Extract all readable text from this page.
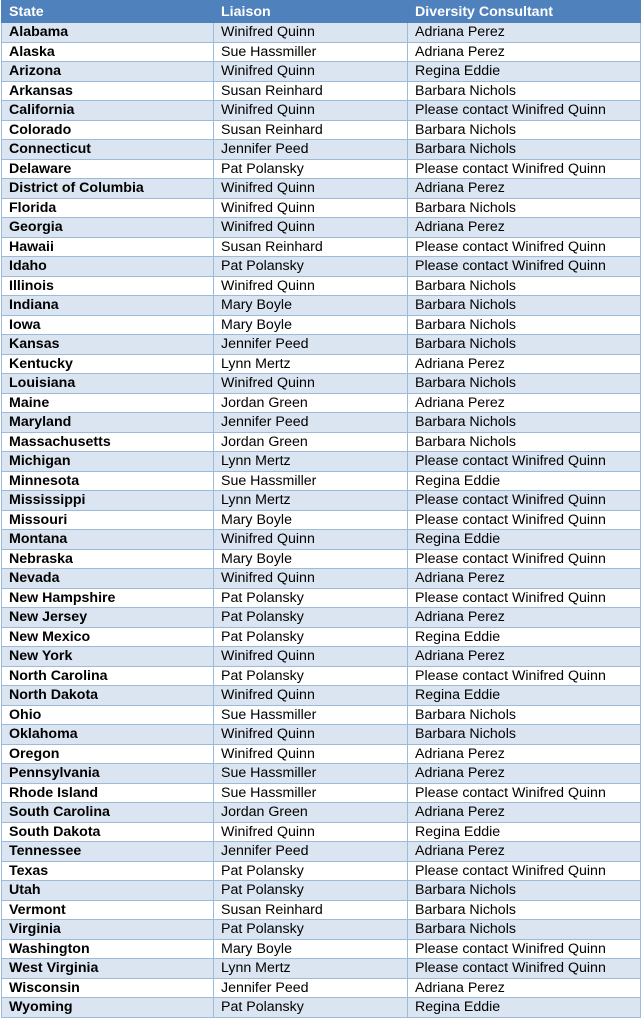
State	Liaison	Diversity Consultant
Alabama	Winifred Quinn	Adriana Perez
Alaska	Sue Hassmiller	Adriana Perez
Arizona	Winifred Quinn	Regina Eddie
Arkansas	Susan Reinhard	Barbara Nichols
California	Winifred Quinn	Please contact Winifred Quinn
Colorado	Susan Reinhard	Barbara Nichols
Connecticut	Jennifer Peed	Barbara Nichols
Delaware	Pat Polansky	Please contact Winifred Quinn
District of Columbia	Winifred Quinn	Adriana Perez
Florida	Winifred Quinn	Barbara Nichols
Georgia	Winifred Quinn	Adriana Perez
Hawaii	Susan Reinhard	Please contact Winifred Quinn
Idaho	Pat Polansky	Please contact Winifred Quinn
Illinois	Winifred Quinn	Barbara Nichols
Indiana	Mary Boyle	Barbara Nichols
Iowa	Mary Boyle	Barbara Nichols
Kansas	Jennifer Peed	Barbara Nichols
Kentucky	Lynn Mertz	Adriana Perez
Louisiana	Winifred Quinn	Barbara Nichols
Maine	Jordan Green	Adriana Perez
Maryland	Jennifer Peed	Barbara Nichols
Massachusetts	Jordan Green	Barbara Nichols
Michigan	Lynn Mertz	Please contact Winifred Quinn
Minnesota	Sue Hassmiller	Regina Eddie
Mississippi	Lynn Mertz	Please contact Winifred Quinn
Missouri	Mary Boyle	Please contact Winifred Quinn
Montana	Winifred Quinn	Regina Eddie
Nebraska	Mary Boyle	Please contact Winifred Quinn
Nevada	Winifred Quinn	Adriana Perez
New Hampshire	Pat Polansky	Please contact Winifred Quinn
New Jersey	Pat Polansky	Adriana Perez
New Mexico	Pat Polansky	Regina Eddie
New York	Winifred Quinn	Adriana Perez
North Carolina	Pat Polansky	Please contact Winifred Quinn
North Dakota	Winifred Quinn	Regina Eddie
Ohio	Sue Hassmiller	Barbara Nichols
Oklahoma	Winifred Quinn	Barbara Nichols
Oregon	Winifred Quinn	Adriana Perez
Pennsylvania	Sue Hassmiller	Adriana Perez
Rhode Island	Sue Hassmiller	Please contact Winifred Quinn
South Carolina	Jordan Green	Adriana Perez
South Dakota	Winifred Quinn	Regina Eddie
Tennessee	Jennifer Peed	Adriana Perez
Texas	Pat Polansky	Please contact Winifred Quinn
Utah	Pat Polansky	Barbara Nichols
Vermont	Susan Reinhard	Barbara Nichols
Virginia	Pat Polansky	Barbara Nichols
Washington	Mary Boyle	Please contact Winifred Quinn
West Virginia	Lynn Mertz	Please contact Winifred Quinn
Wisconsin	Jennifer Peed	Adriana Perez
Wyoming	Pat Polansky	Regina Eddie
